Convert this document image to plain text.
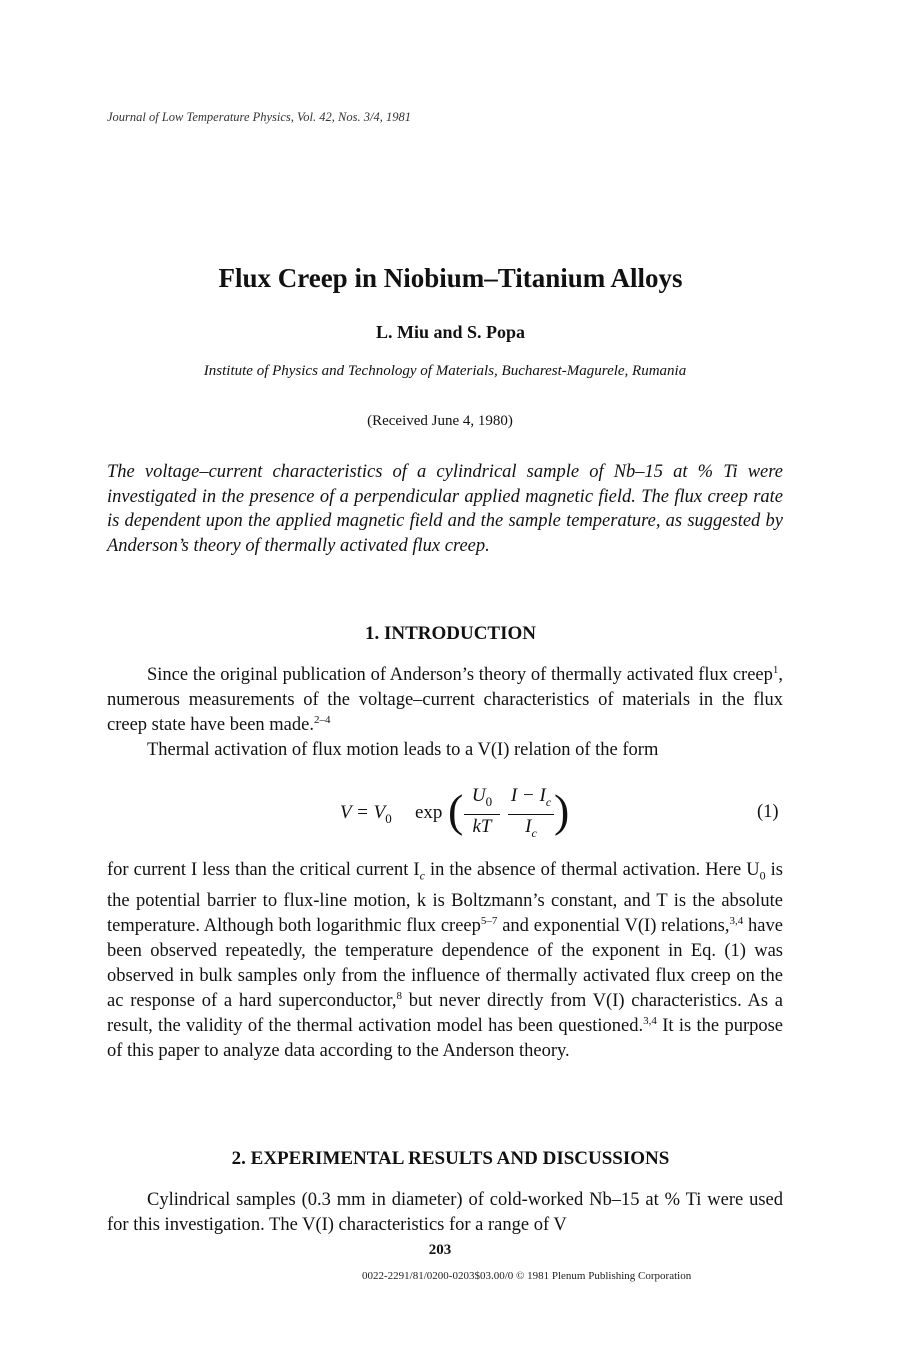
Journal of Low Temperature Physics, Vol. 42, Nos. 3/4, 1981
Flux Creep in Niobium–Titanium Alloys
L. Miu and S. Popa
Institute of Physics and Technology of Materials, Bucharest-Magurele, Rumania
(Received June 4, 1980)
The voltage–current characteristics of a cylindrical sample of Nb–15 at % Ti were investigated in the presence of a perpendicular applied magnetic field. The flux creep rate is dependent upon the applied magnetic field and the sample temperature, as suggested by Anderson’s theory of thermally activated flux creep.
1. INTRODUCTION
Since the original publication of Anderson’s theory of thermally activated flux creep$^1$, numerous measurements of the voltage–current characteristics of materials in the flux creep state have been made.$^{2-4}$
Thermal activation of flux motion leads to a V(I) relation of the form
$V = V_0$ exp ( $U_0$
kT
$I - I_c$
$I_c$ )	(1)
for current I less than the critical current $I_c$ in the absence of thermal activation. Here $U_0$ is the potential barrier to flux-line motion, k is Boltzmann’s constant, and T is the absolute temperature. Although both logarithmic flux creep$^{5-7}$ and exponential V(I) relations,$^{3,4}$ have been observed repeatedly, the temperature dependence of the exponent in Eq. (1) was observed in bulk samples only from the influence of thermally activated flux creep on the ac response of a hard superconductor,$^8$ but never directly from V(I) characteristics. As a result, the validity of the thermal activation model has been questioned.$^{3,4}$ It is the purpose of this paper to analyze data according to the Anderson theory.
2. EXPERIMENTAL RESULTS AND DISCUSSIONS
Cylindrical samples (0.3 mm in diameter) of cold-worked Nb–15 at % Ti were used for this investigation. The V(I) characteristics for a range of V
203
0022-2291/81/0200-0203$03.00/0 © 1981 Plenum Publishing Corporation
